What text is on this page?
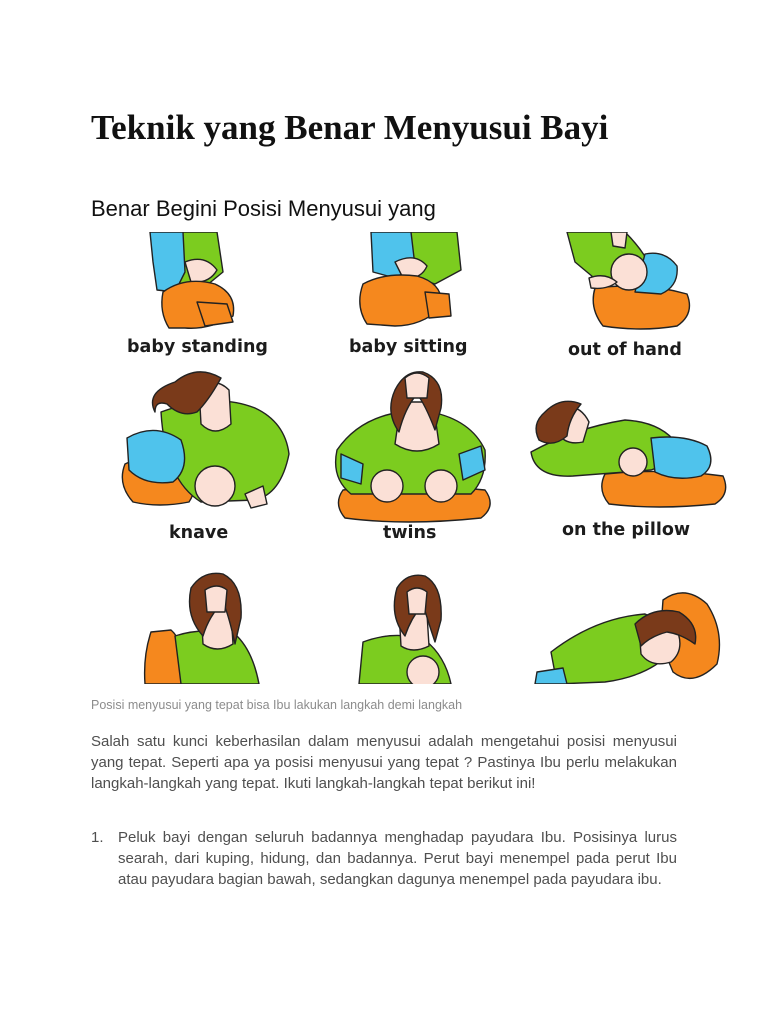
Teknik yang Benar Menyusui Bayi
Benar Begini Posisi Menyusui yang
baby standing	baby sitting	out of hand
knave	twins	on the pillow

Posisi menyusui yang tepat bisa Ibu lakukan langkah demi langkah

Salah satu kunci keberhasilan dalam menyusui adalah mengetahui posisi menyusui yang tepat. Seperti apa ya posisi menyusui yang tepat ? Pastinya Ibu perlu melakukan langkah-langkah yang tepat. Ikuti langkah-langkah tepat berikut ini!

1. Peluk bayi dengan seluruh badannya menghadap payudara Ibu. Posisinya lurus searah, dari kuping, hidung, dan badannya. Perut bayi menempel pada perut Ibu atau payudara bagian bawah, sedangkan dagunya menempel pada payudara ibu.
